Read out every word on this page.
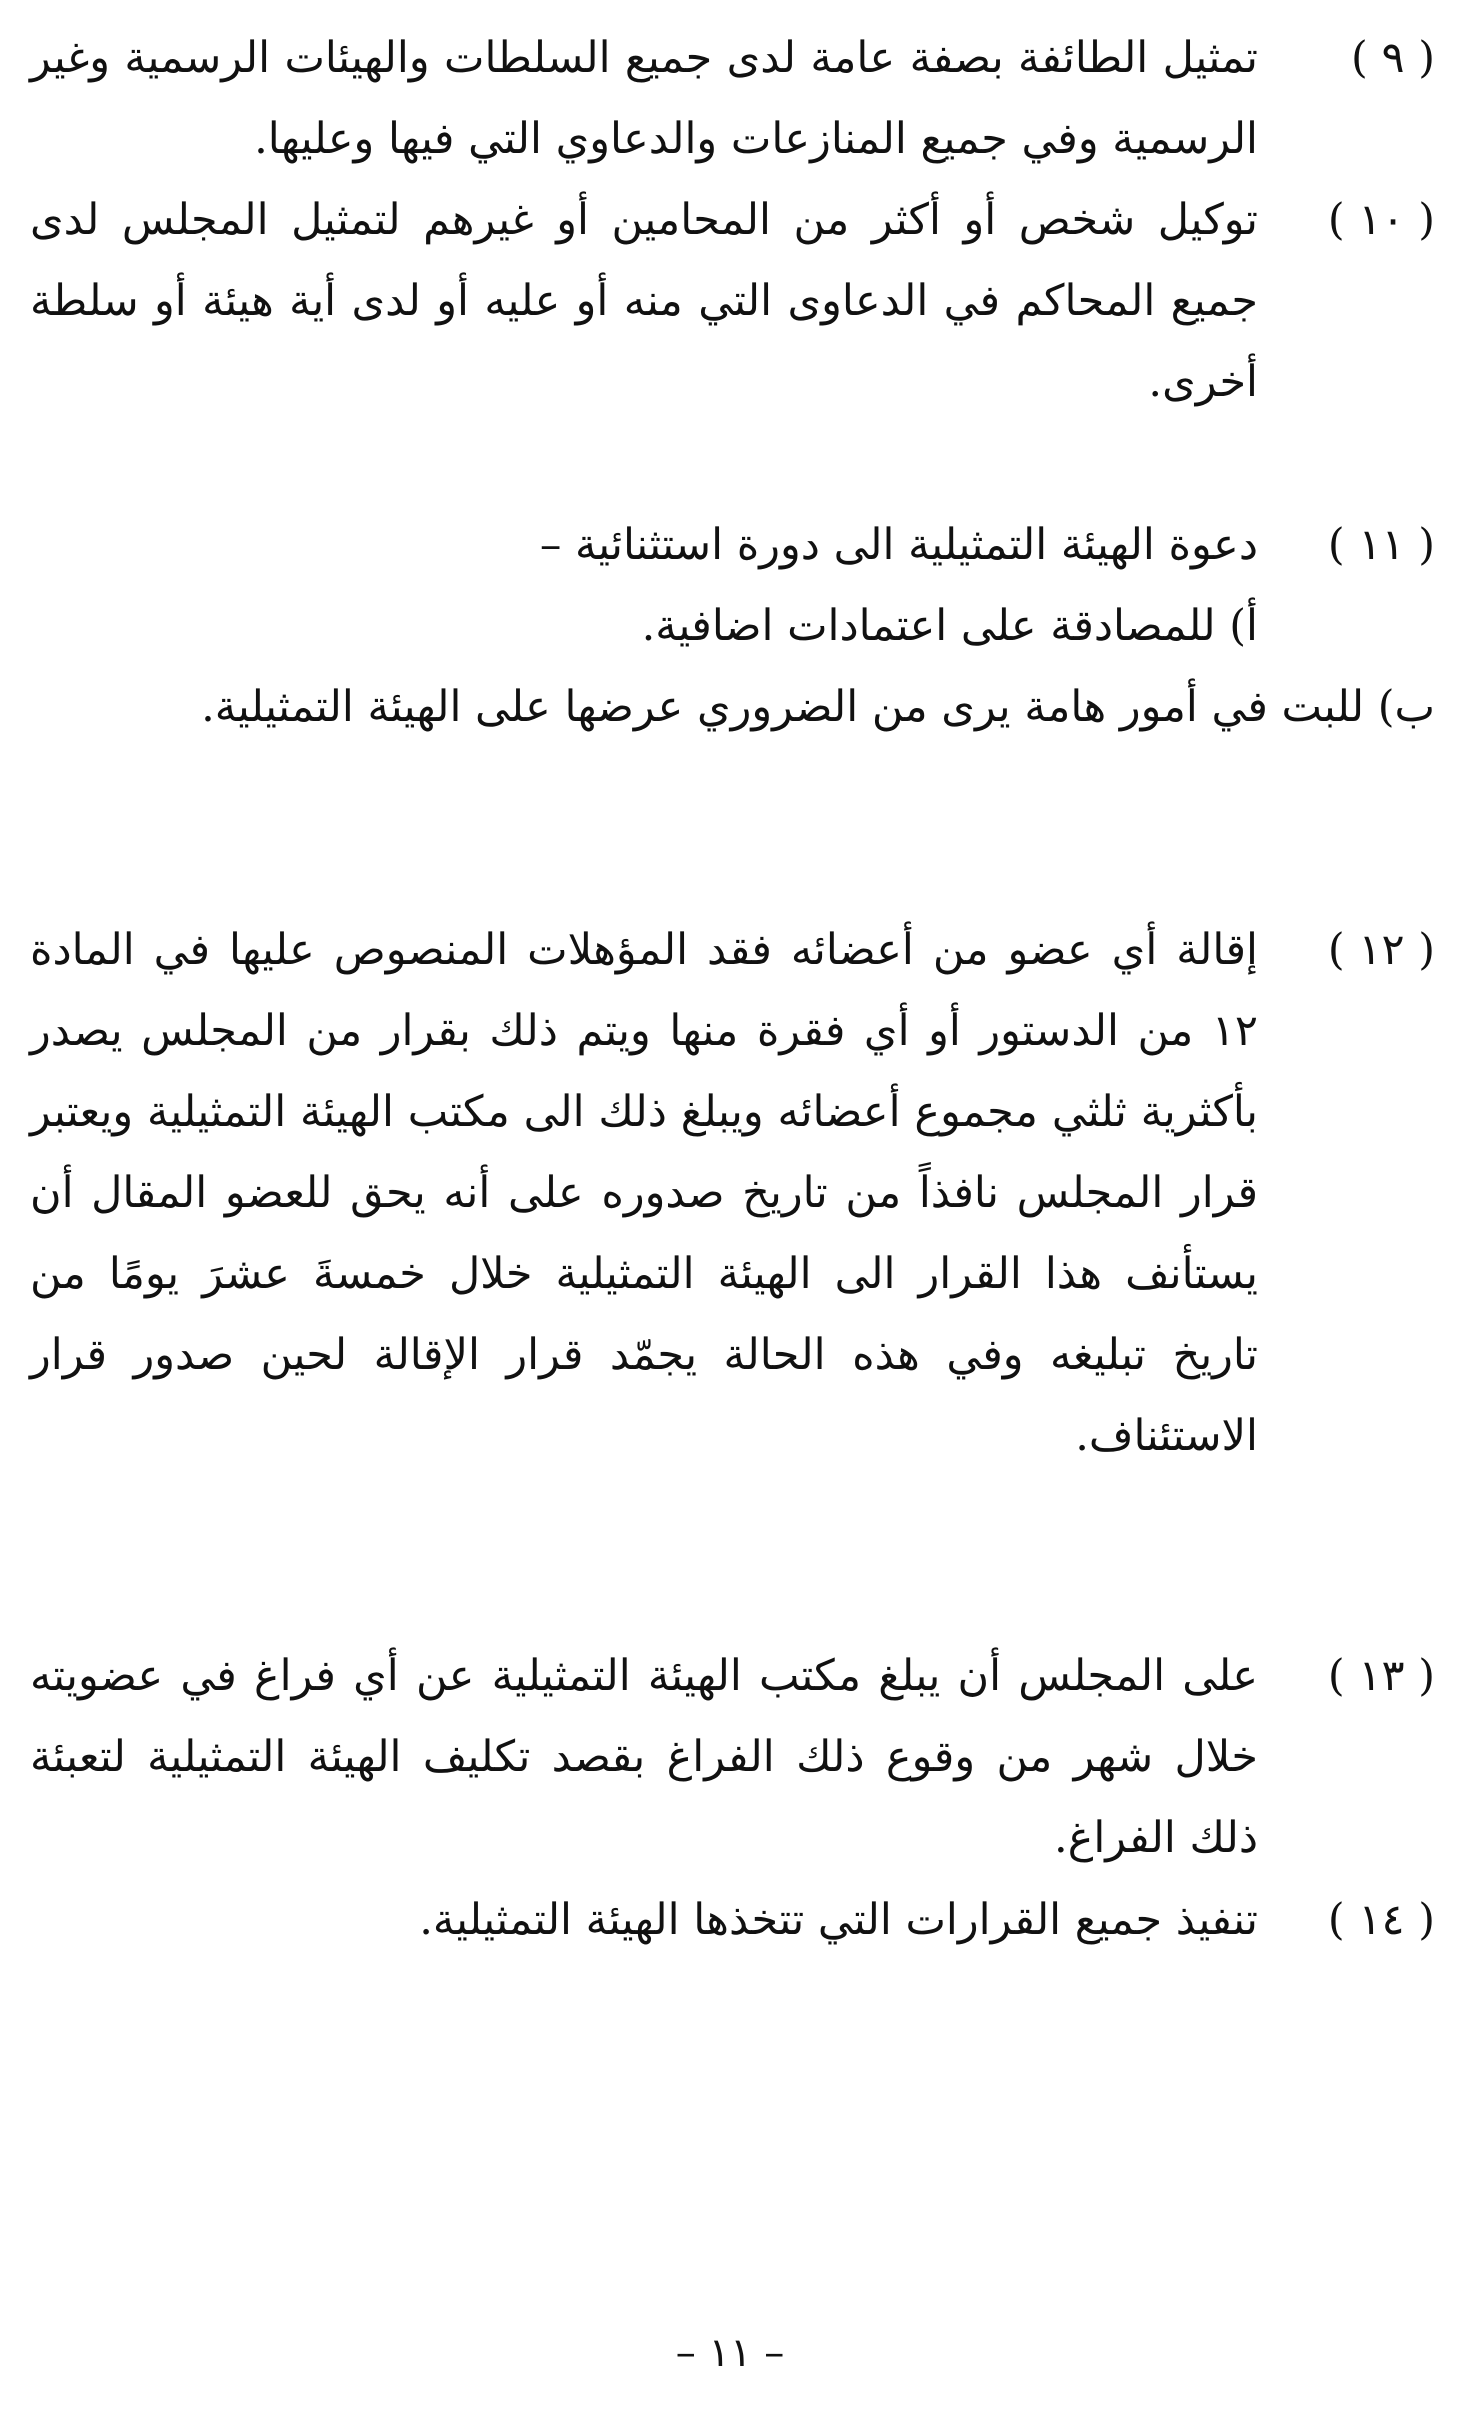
( ٩ )

تمثيل الطائفة بصفة عامة لدى جميع السلطات والهيئات الرسمية وغير الرسمية وفي جميع المنازعات والدعاوي التي فيها وعليها.

( ١٠ )

توكيل شخص أو أكثر من المحامين أو غيرهم لتمثيل المجلس لدى جميع المحاكم في الدعاوى التي منه أو عليه أو لدى أية هيئة أو سلطة أخرى.

( ١١ )

دعوة الهيئة التمثيلية الى دورة استثنائية –

أ) للمصادقة على اعتمادات اضافية.

ب) للبت في أمور هامة يرى من الضروري عرضها على الهيئة التمثيلية.

( ١٢ )

إقالة أي عضو من أعضائه فقد المؤهلات المنصوص عليها في المادة ١٢ من الدستور أو أي فقرة منها ويتم ذلك بقرار من المجلس يصدر بأكثرية ثلثي مجموع أعضائه ويبلغ ذلك الى مكتب الهيئة التمثيلية ويعتبر قرار المجلس نافذاً من تاريخ صدوره على أنه يحق للعضو المقال أن يستأنف هذا القرار الى الهيئة التمثيلية خلال خمسةَ عشرَ يومًا من تاريخ تبليغه وفي هذه الحالة يجمّد قرار الإقالة لحين صدور قرار الاستئناف.

( ١٣ )

على المجلس أن يبلغ مكتب الهيئة التمثيلية عن أي فراغ في عضويته خلال شهر من وقوع ذلك الفراغ بقصد تكليف الهيئة التمثيلية لتعبئة ذلك الفراغ.

( ١٤ )

تنفيذ جميع القرارات التي تتخذها الهيئة التمثيلية.

– ١١ –
